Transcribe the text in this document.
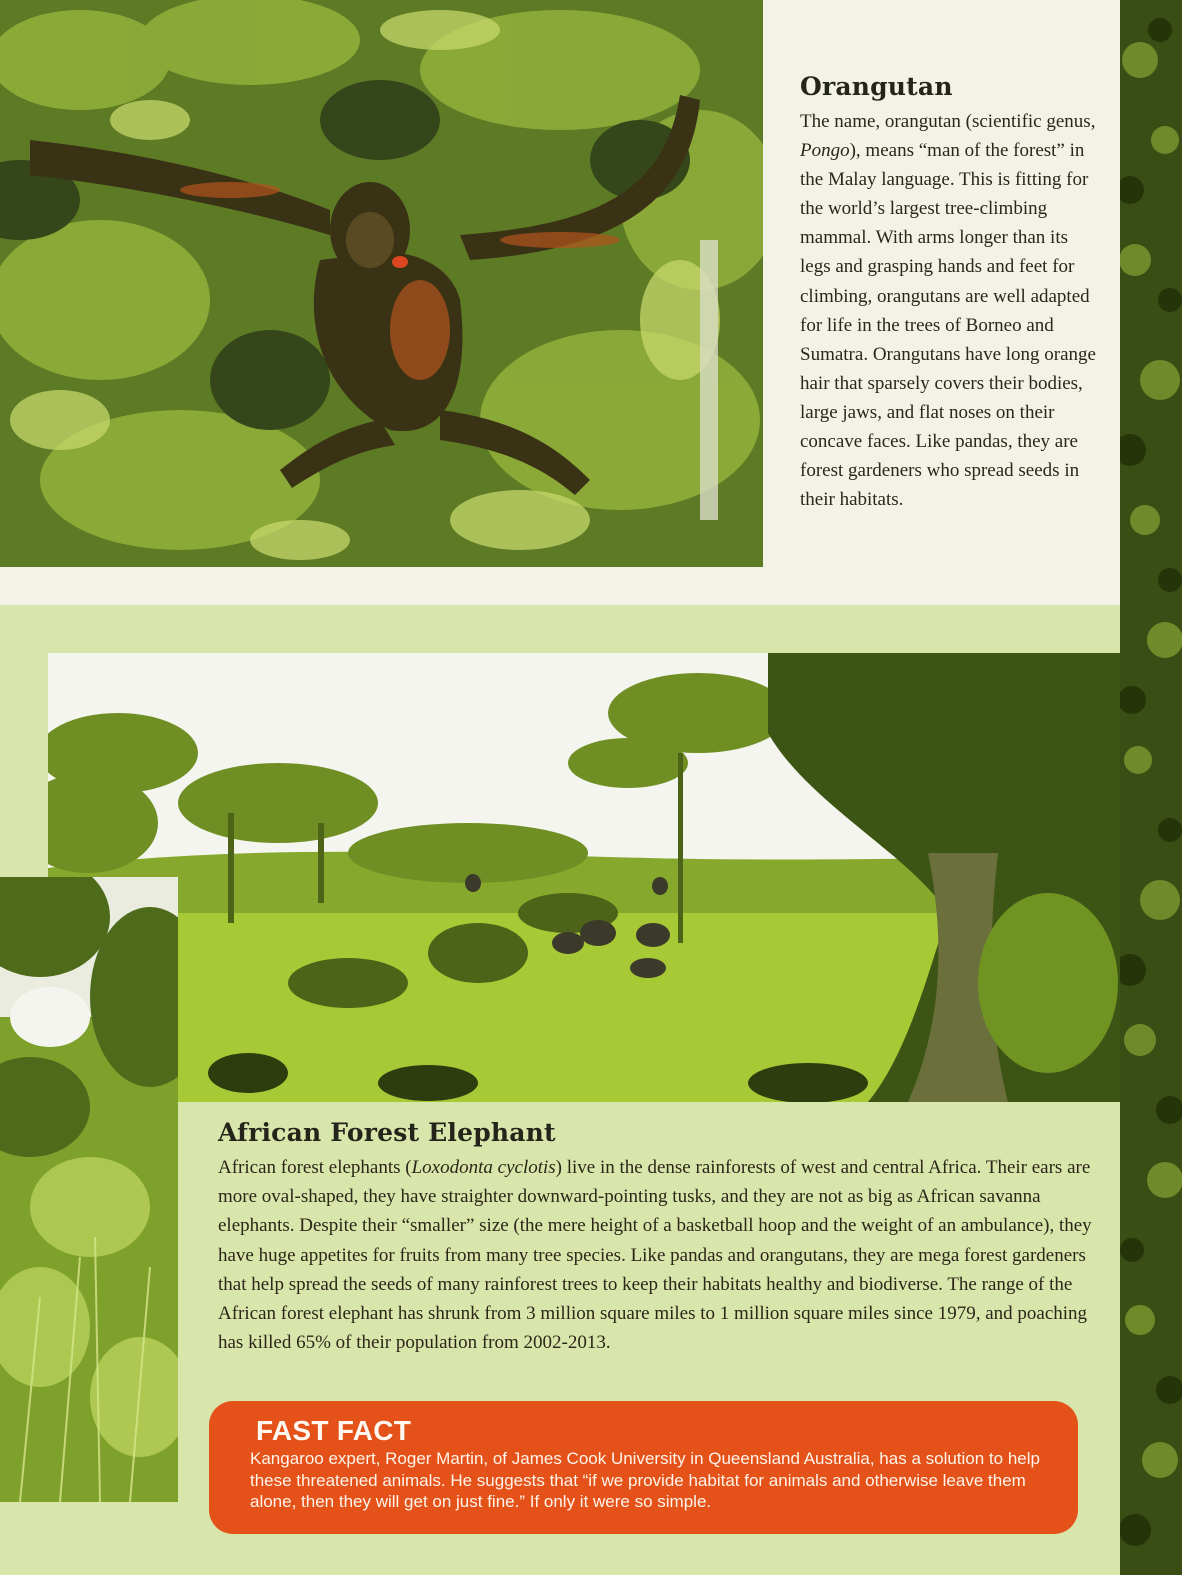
Orangutan

The name, orangutan (scientific genus, Pongo), means “man of the forest” in the Malay language. This is fitting for the world’s largest tree-climbing mammal. With arms longer than its legs and grasping hands and feet for climbing, orangutans are well adapted for life in the trees of Borneo and Sumatra. Orangutans have long orange hair that sparsely covers their bodies, large jaws, and flat noses on their concave faces. Like pandas, they are forest gardeners who spread seeds in their habitats.

African Forest Elephant

African forest elephants (Loxodonta cyclotis) live in the dense rainforests of west and central Africa. Their ears are more oval-shaped, they have straighter downward-pointing tusks, and they are not as big as African savanna elephants. Despite their “smaller” size (the mere height of a basketball hoop and the weight of an ambulance), they have huge appetites for fruits from many tree species. Like pandas and orangutans, they are mega forest gardeners that help spread the seeds of many rainforest trees to keep their habitats healthy and biodiverse. The range of the African forest elephant has shrunk from 3 million square miles to 1 million square miles since 1979, and poaching has killed 65% of their population from 2002-2013.

FAST FACT
Kangaroo expert, Roger Martin, of James Cook University in Queensland Australia, has a solution to help these threatened animals. He suggests that “if we provide habitat for animals and otherwise leave them alone, then they will get on just fine.” If only it were so simple.
